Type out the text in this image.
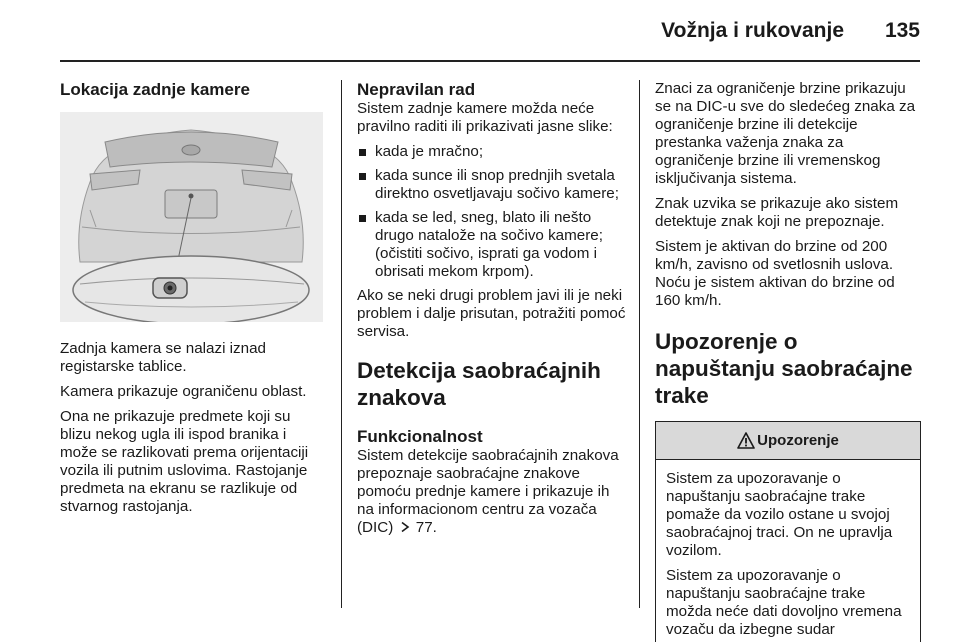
Vožnja i rukovanje 135
Lokacija zadnje kamere
Zadnja kamera se nalazi iznad registarske tablice.
Kamera prikazuje ograničenu oblast.
Ona ne prikazuje predmete koji su blizu nekog ugla ili ispod branika i može se razlikovati prema orijentaciji vozila ili putnim uslovima. Rastojanje predmeta na ekranu se razlikuje od stvarnog rastojanja.
Nepravilan rad
Sistem zadnje kamere možda neće pravilno raditi ili prikazivati jasne slike:
kada je mračno;
kada sunce ili snop prednjih svetala direktno osvetljavaju sočivo kamere;
kada se led, sneg, blato ili nešto drugo natalože na sočivo kamere; (očistiti sočivo, isprati ga vodom i obrisati mekom krpom).
Ako se neki drugi problem javi ili je neki problem i dalje prisutan, potražiti pomoć servisa.
Detekcija saobraćajnih znakova
Funkcionalnost
Sistem detekcije saobraćajnih znakova prepoznaje saobraćajne znakove pomoću prednje kamere i prikazuje ih na informacionom centru za vozača (DIC) 77.
Znaci za ograničenje brzine prikazuju se na DIC-u sve do sledećeg znaka za ograničenje brzine ili detekcije prestanka važenja znaka za ograničenje brzine ili vremenskog isključivanja sistema.
Znak uzvika se prikazuje ako sistem detektuje znak koji ne prepoznaje.
Sistem je aktivan do brzine od 200 km/h, zavisno od svetlosnih uslova. Noću je sistem aktivan do brzine od 160 km/h.
Upozorenje o napuštanju saobraćajne trake
Upozorenje
Sistem za upozoravanje o napuštanju saobraćajne trake pomaže da vozilo ostane u svojoj saobraćajnoj traci. On ne upravlja vozilom.
Sistem za upozoravanje o napuštanju saobraćajne trake možda neće dati dovoljno vremena vozaču da izbegne sudar
